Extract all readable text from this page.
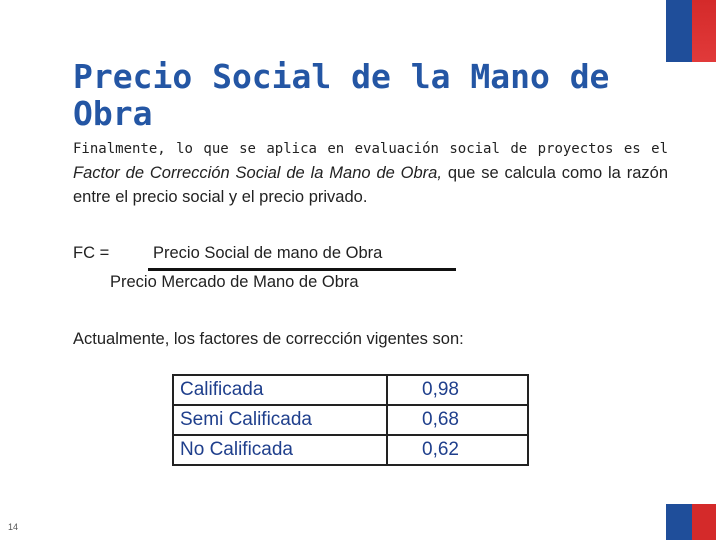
Precio Social de la Mano de Obra
Finalmente, lo que se aplica en evaluación social de proyectos es el Factor de Corrección Social de la Mano de Obra, que se calcula como la razón entre el precio social y el precio privado.
FC =	Precio Social de mano de Obra
Precio Mercado de Mano de Obra
Actualmente, los factores de corrección vigentes son:
Calificada	0,98
Semi Calificada	0,68
No Calificada	0,62
14
